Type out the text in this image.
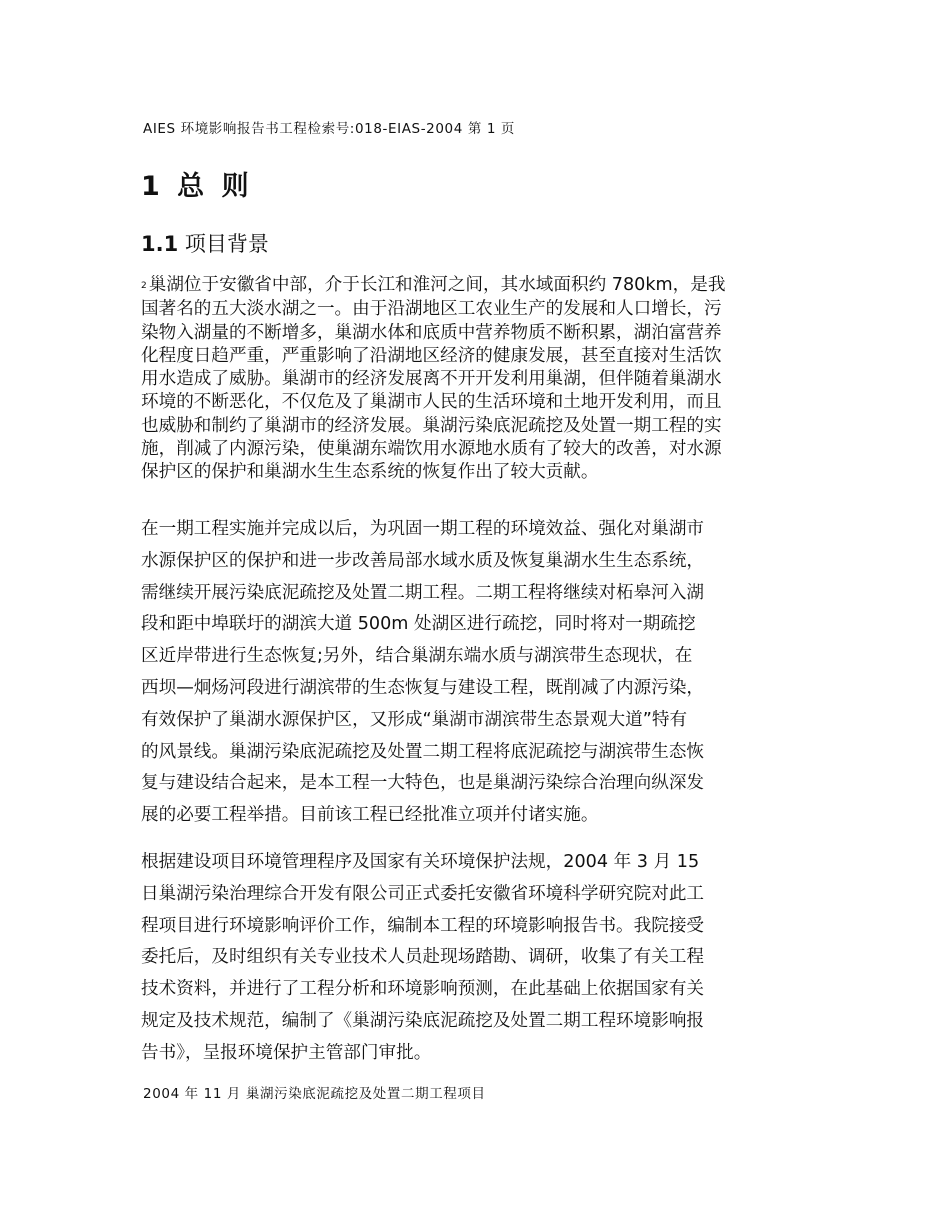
AIES 环境影响报告书工程检索号:018-EIAS-2004 第 1 页
1 总 则
1.1 项目背景
$^2$ 巢湖位于安徽省中部，介于长江和淮河之间，其水域面积约 780km，是我
国著名的五大淡水湖之一。由于沿湖地区工农业生产的发展和人口增长，污
染物入湖量的不断增多，巢湖水体和底质中营养物质不断积累，湖泊富营养
化程度日趋严重，严重影响了沿湖地区经济的健康发展，甚至直接对生活饮
用水造成了威胁。巢湖市的经济发展离不开开发利用巢湖，但伴随着巢湖水
环境的不断恶化，不仅危及了巢湖市人民的生活环境和土地开发利用，而且
也威胁和制约了巢湖市的经济发展。巢湖污染底泥疏挖及处置一期工程的实
施，削减了内源污染，使巢湖东端饮用水源地水质有了较大的改善，对水源
保护区的保护和巢湖水生生态系统的恢复作出了较大贡献。
在一期工程实施并完成以后，为巩固一期工程的环境效益、强化对巢湖市
水源保护区的保护和进一步改善局部水域水质及恢复巢湖水生生态系统，
需继续开展污染底泥疏挖及处置二期工程。二期工程将继续对柘皋河入湖
段和距中埠联圩的湖滨大道 500m 处湖区进行疏挖，同时将对一期疏挖
区近岸带进行生态恢复;另外，结合巢湖东端水质与湖滨带生态现状，在
西坝—炯炀河段进行湖滨带的生态恢复与建设工程，既削减了内源污染，
有效保护了巢湖水源保护区，又形成“巢湖市湖滨带生态景观大道”特有
的风景线。巢湖污染底泥疏挖及处置二期工程将底泥疏挖与湖滨带生态恢
复与建设结合起来，是本工程一大特色，也是巢湖污染综合治理向纵深发
展的必要工程举措。目前该工程已经批准立项并付诸实施。
根据建设项目环境管理程序及国家有关环境保护法规，2004 年 3 月 15
日巢湖污染治理综合开发有限公司正式委托安徽省环境科学研究院对此工
程项目进行环境影响评价工作，编制本工程的环境影响报告书。我院接受
委托后，及时组织有关专业技术人员赴现场踏勘、调研，收集了有关工程
技术资料，并进行了工程分析和环境影响预测，在此基础上依据国家有关
规定及技术规范，编制了《巢湖污染底泥疏挖及处置二期工程环境影响报
告书》，呈报环境保护主管部门审批。
2004 年 11 月 巢湖污染底泥疏挖及处置二期工程项目
